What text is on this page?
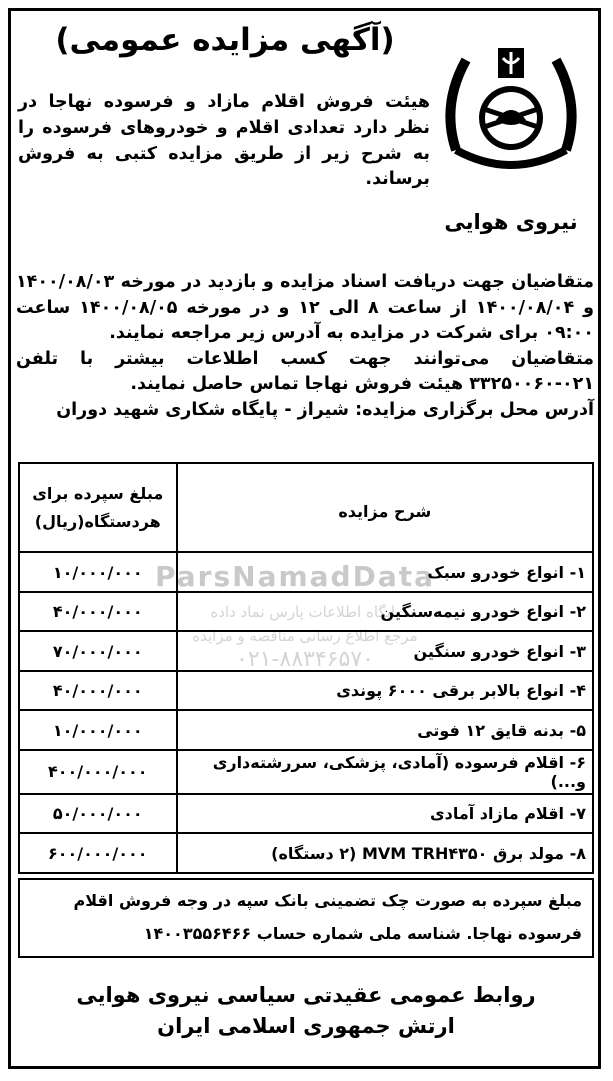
ParsNamadData
پایگاه اطلاعات پارس نماد داده
مرجع اطلاع رسانی مناقصه و مزایده
۰۲۱-۸۸۳۴۶۵۷۰
(آگهی مزایده عمومی)
نیروی هوایی
هیئت فروش اقلام مازاد و فرسوده نهاجا در نظر دارد تعدادی اقلام و خودروهای فرسوده را به شرح زیر از طریق مزایده کتبی به فروش برساند.

متقاضیان جهت دریافت اسناد مزایده و بازدید در مورخه ۱۴۰۰/۰۸/۰۳ و ۱۴۰۰/۰۸/۰۴ از ساعت ۸ الی ۱۲ و در مورخه ۱۴۰۰/۰۸/۰۵ ساعت ۰۹:۰۰ برای شرکت در مزایده به آدرس زیر مراجعه نمایند.

متقاضیان می‌توانند جهت کسب اطلاعات بیشتر با تلفن ۰۲۱-۳۳۲۵۰۰۶۰ هیئت فروش نهاجا تماس حاصل نمایند.

آدرس محل برگزاری مزایده: شیراز - پایگاه شکاری شهید دوران

شرح مزایده	مبلغ سپرده برای هردستگاه(ریال)
۱- انواع خودرو سبک	۱۰/۰۰۰/۰۰۰
۲- انواع خودرو نیمه‌سنگین	۴۰/۰۰۰/۰۰۰
۳- انواع خودرو سنگین	۷۰/۰۰۰/۰۰۰
۴- انواع بالابر برقی ۶۰۰۰ پوندی	۴۰/۰۰۰/۰۰۰
۵- بدنه قایق ۱۲ فوتی	۱۰/۰۰۰/۰۰۰
۶- اقلام فرسوده (آمادی، پزشکی، سررشته‌داری و...)	۴۰۰/۰۰۰/۰۰۰
۷- اقلام مازاد آمادی	۵۰/۰۰۰/۰۰۰
۸- مولد برق MVM TRH۴۳۵۰ (۲ دستگاه)	۶۰۰/۰۰۰/۰۰۰
مبلغ سپرده به صورت چک تضمینی بانک سپه در وجه فروش اقلام فرسوده نهاجا. شناسه ملی شماره حساب ۱۴۰۰۳۵۵۶۴۶۶
روابط عمومی عقیدتی سیاسی نیروی هوایی
ارتش جمهوری اسلامی ایران
